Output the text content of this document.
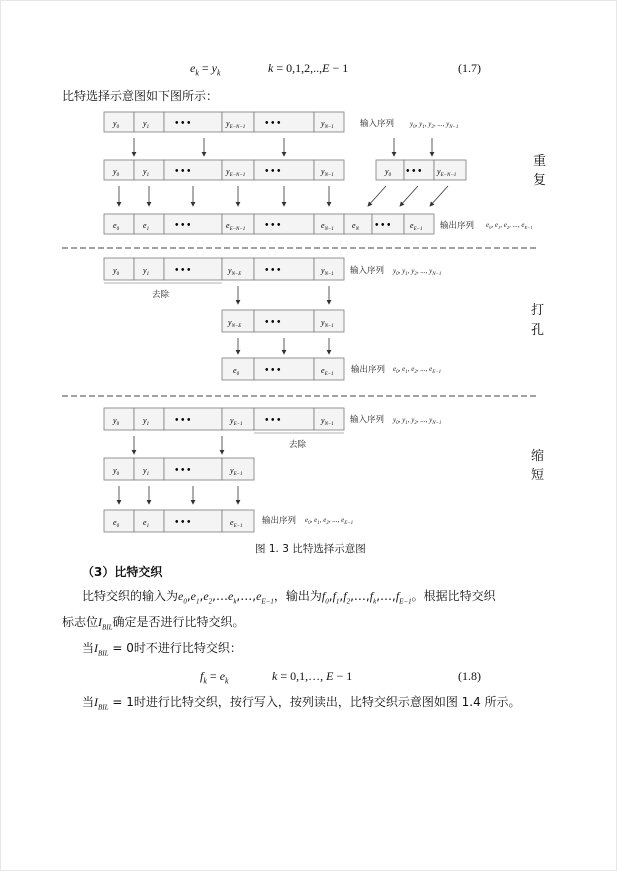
$e_k = y_k$	k = 0,1,2,..,E − 1	(1.7)
比特选择示意图如下图所示：
$y_0$	$y_1$	• • •	$y_{E-N-1}$ • • •	$y_{N-1}$	输入序列 $y_0$, $y_1$, $y_2$, ..., $y_{N-1}$
$y_0$	$y_1$	• • •	$y_{E-N-1}$ • • •	$y_{N-1}$	$y_0$ • • • $y_{E-N-1}$
$e_0$	$e_1$	• • •	$e_{E-N-1}$ • • •	$e_{N-1}$ $e_N$ • • • $e_{E-1}$ 输出序列 $e_0$, $e_1$, $e_2$, ..., $e_{E-1}$
$y_0$	$y_1$	• • •	$y_{N-E}$ • • •	$y_{N-1}$ 输入序列 $y_0$, $y_1$, $y_2$, ..., $y_{N-1}$
去除
$y_{N-E}$ • • •	$y_{N-1}$
$e_0$	• • •	$e_{E-1}$ 输出序列 $e_0$, $e_1$, $e_2$, ..., $e_{E-1}$
$y_0$	$y_1$	• • •	$y_{E-1}$ • • •	$y_{N-1}$ 输入序列 $y_0$, $y_1$, $y_2$, ..., $y_{N-1}$
去除
$y_0$	$y_1$	• • •	$y_{E-1}$
$e_0$	$e_1$	• • •	$e_{E-1}$
输出序列 $e_0$, $e_1$, $e_2$, ..., $e_{E-1}$
重
复
打
孔
缩
短
图 1. 3 比特选择示意图
（3）比特交织
比特交织的输入为$e_0,e_1,e_2,\dots e_k,\dots,e_{E-1}$，输出为$f_0,f_1,f_2,\dots,f_k,\dots,f_{E-1}$。根据比特交织
标志位$I_{BIL}$确定是否进行比特交织。
当$I_{BIL} = 0$时不进行比特交织：
$f_k = e_k$	k = 0,1,…, E − 1	(1.8)
当$I_{BIL} = 1$时进行比特交织，按行写入，按列读出，比特交织示意图如图 1.4 所示。
